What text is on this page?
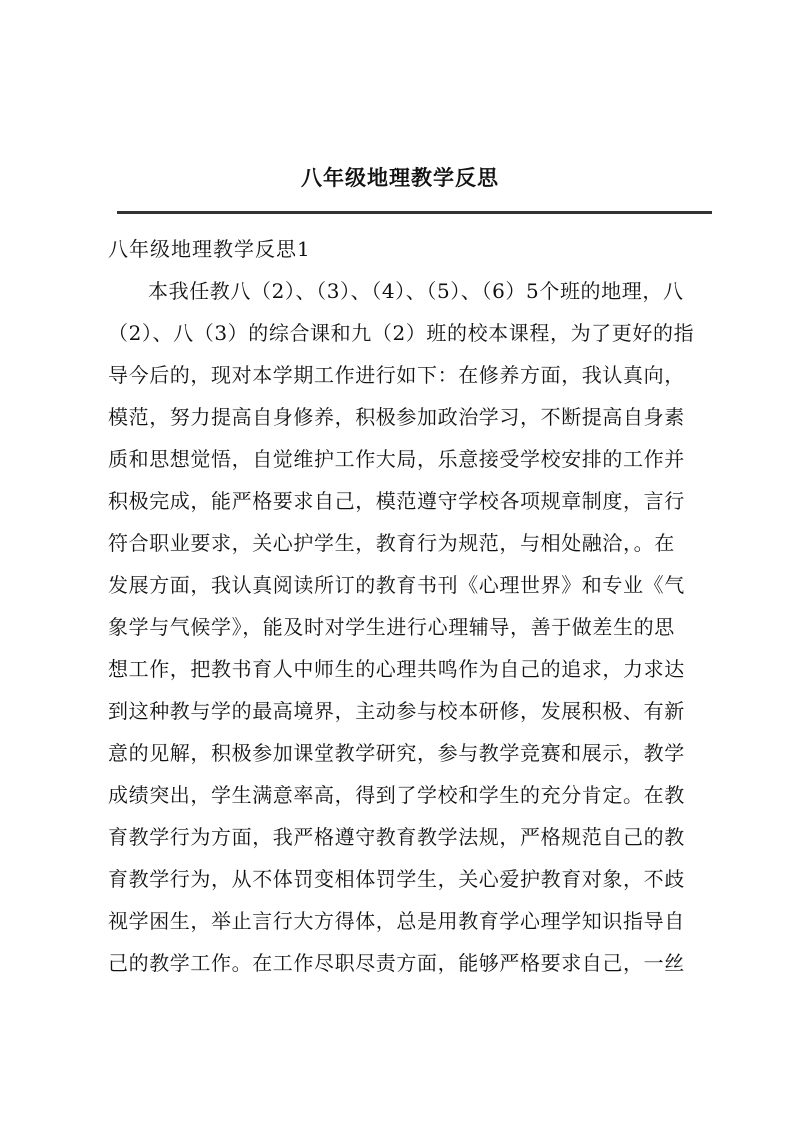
八年级地理教学反思
八年级地理教学反思1
本我任教八（2）、（3）、（4）、（5）、（6）5个班的地理，八
（2）、八（3）的综合课和九（2）班的校本课程，为了更好的指
导今后的，现对本学期工作进行如下：在修养方面，我认真向，
模范，努力提高自身修养，积极参加政治学习，不断提高自身素
质和思想觉悟，自觉维护工作大局，乐意接受学校安排的工作并
积极完成，能严格要求自己，模范遵守学校各项规章制度，言行
符合职业要求，关心护学生，教育行为规范，与相处融洽，。在
发展方面，我认真阅读所订的教育书刊《心理世界》和专业《气
象学与气候学》，能及时对学生进行心理辅导，善于做差生的思
想工作，把教书育人中师生的心理共鸣作为自己的追求，力求达
到这种教与学的最高境界，主动参与校本研修，发展积极、有新
意的见解，积极参加课堂教学研究，参与教学竞赛和展示，教学
成绩突出，学生满意率高，得到了学校和学生的充分肯定。在教
育教学行为方面，我严格遵守教育教学法规，严格规范自己的教
育教学行为，从不体罚变相体罚学生，关心爱护教育对象，不歧
视学困生，举止言行大方得体，总是用教育学心理学知识指导自
己的教学工作。在工作尽职尽责方面，能够严格要求自己，一丝
